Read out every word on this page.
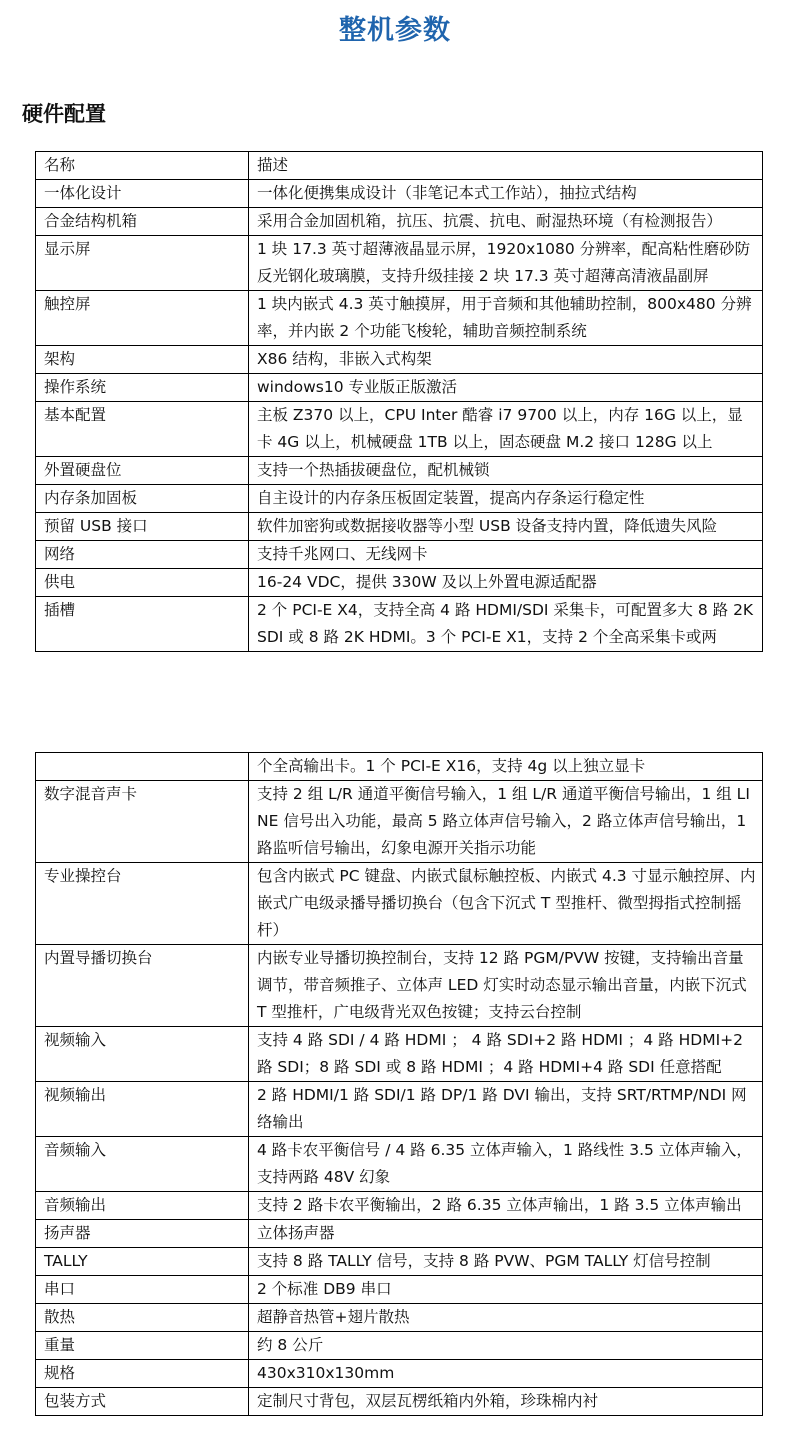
整机参数
硬件配置
名称	描述
一体化设计	一体化便携集成设计（非笔记本式工作站），抽拉式结构
合金结构机箱	采用合金加固机箱，抗压、抗震、抗电、耐湿热环境（有检测报告）
显示屏	1 块 17.3 英寸超薄液晶显示屏，1920x1080 分辨率，配高粘性磨砂防反光钢化玻璃膜，支持升级挂接 2 块 17.3 英寸超薄高清液晶副屏
触控屏	1 块内嵌式 4.3 英寸触摸屏，用于音频和其他辅助控制，800x480 分辨率，并内嵌 2 个功能飞梭轮，辅助音频控制系统
架构	X86 结构，非嵌入式构架
操作系统	windows10 专业版正版激活
基本配置	主板 Z370 以上，CPU Inter 酷睿 i7 9700 以上，内存 16G 以上，显卡 4G 以上，机械硬盘 1TB 以上，固态硬盘 M.2 接口 128G 以上
外置硬盘位	支持一个热插拔硬盘位，配机械锁
内存条加固板	自主设计的内存条压板固定装置，提高内存条运行稳定性
预留 USB 接口	软件加密狗或数据接收器等小型 USB 设备支持内置，降低遗失风险
网络	支持千兆网口、无线网卡
供电	16-24 VDC，提供 330W 及以上外置电源适配器
插槽	2 个 PCI-E X4，支持全高 4 路 HDMI/SDI 采集卡，可配置多大 8 路 2K SDI 或 8 路 2K HDMI。3 个 PCI-E X1，支持 2 个全高采集卡或两
	个全高输出卡。1 个 PCI-E X16，支持 4g 以上独立显卡
数字混音声卡	支持 2 组 L/R 通道平衡信号输入，1 组 L/R 通道平衡信号输出，1 组 LINE 信号出入功能，最高 5 路立体声信号输入，2 路立体声信号输出，1 路监听信号输出，幻象电源开关指示功能
专业操控台	包含内嵌式 PC 键盘、内嵌式鼠标触控板、内嵌式 4.3 寸显示触控屏、内嵌式广电级录播导播切换台（包含下沉式 T 型推杆、微型拇指式控制摇杆）
内置导播切换台	内嵌专业导播切换控制台，支持 12 路 PGM/PVW 按键，支持输出音量调节，带音频推子、立体声 LED 灯实时动态显示输出音量，内嵌下沉式 T 型推杆，广电级背光双色按键；支持云台控制
视频输入	支持 4 路 SDI / 4 路 HDMI ； 4 路 SDI+2 路 HDMI ；4 路 HDMI+2 路 SDI；8 路 SDI 或 8 路 HDMI ；4 路 HDMI+4 路 SDI 任意搭配
视频输出	2 路 HDMI/1 路 SDI/1 路 DP/1 路 DVI 输出，支持 SRT/RTMP/NDI 网络输出
音频输入	4 路卡农平衡信号 / 4 路 6.35 立体声输入，1 路线性 3.5 立体声输入，支持两路 48V 幻象
音频输出	支持 2 路卡农平衡输出，2 路 6.35 立体声输出，1 路 3.5 立体声输出
扬声器	立体扬声器
TALLY	支持 8 路 TALLY 信号，支持 8 路 PVW、PGM TALLY 灯信号控制
串口	2 个标准 DB9 串口
散热	超静音热管+翅片散热
重量	约 8 公斤
规格	430x310x130mm
包装方式	定制尺寸背包，双层瓦楞纸箱内外箱，珍珠棉内衬
